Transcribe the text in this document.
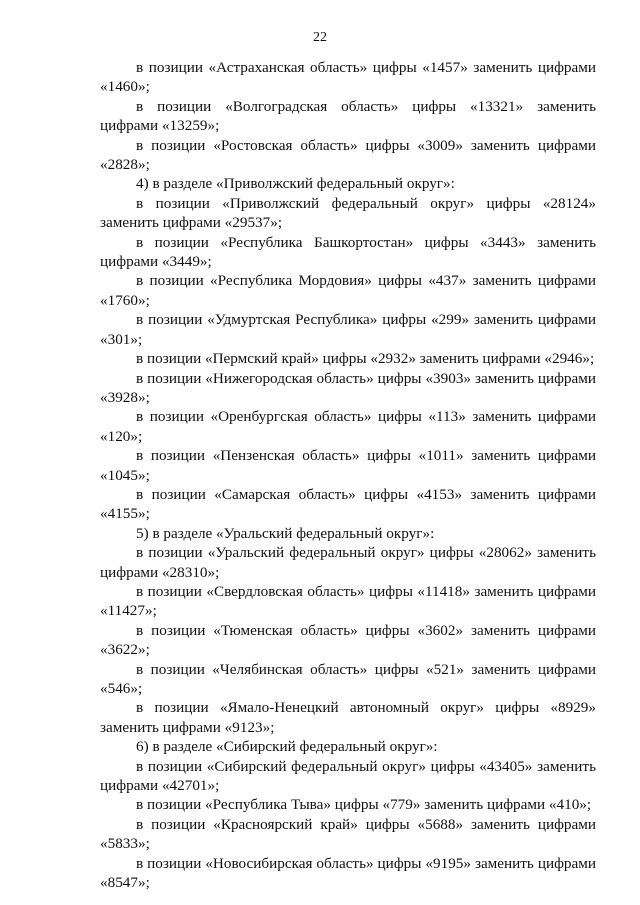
22

в позиции «Астраханская область» цифры «1457» заменить цифрами «1460»;

в позиции «Волгоградская область» цифры «13321» заменить цифрами «13259»;

в позиции «Ростовская область» цифры «3009» заменить цифрами «2828»;

4) в разделе «Приволжский федеральный округ»:

в позиции «Приволжский федеральный округ» цифры «28124» заменить цифрами «29537»;

в позиции «Республика Башкортостан» цифры «3443» заменить цифрами «3449»;

в позиции «Республика Мордовия» цифры «437» заменить цифрами «1760»;

в позиции «Удмуртская Республика» цифры «299» заменить цифрами «301»;

в позиции «Пермский край» цифры «2932» заменить цифрами «2946»;

в позиции «Нижегородская область» цифры «3903» заменить цифрами «3928»;

в позиции «Оренбургская область» цифры «113» заменить цифрами «120»;

в позиции «Пензенская область» цифры «1011» заменить цифрами «1045»;

в позиции «Самарская область» цифры «4153» заменить цифрами «4155»;

5) в разделе «Уральский федеральный округ»:

в позиции «Уральский федеральный округ» цифры «28062» заменить цифрами «28310»;

в позиции «Свердловская область» цифры «11418» заменить цифрами «11427»;

в позиции «Тюменская область» цифры «3602» заменить цифрами «3622»;

в позиции «Челябинская область» цифры «521» заменить цифрами «546»;

в позиции «Ямало-Ненецкий автономный округ» цифры «8929» заменить цифрами «9123»;

6) в разделе «Сибирский федеральный округ»:

в позиции «Сибирский федеральный округ» цифры «43405» заменить цифрами «42701»;

в позиции «Республика Тыва» цифры «779» заменить цифрами «410»;

в позиции «Красноярский край» цифры «5688» заменить цифрами «5833»;

в позиции «Новосибирская область» цифры «9195» заменить цифрами «8547»;
